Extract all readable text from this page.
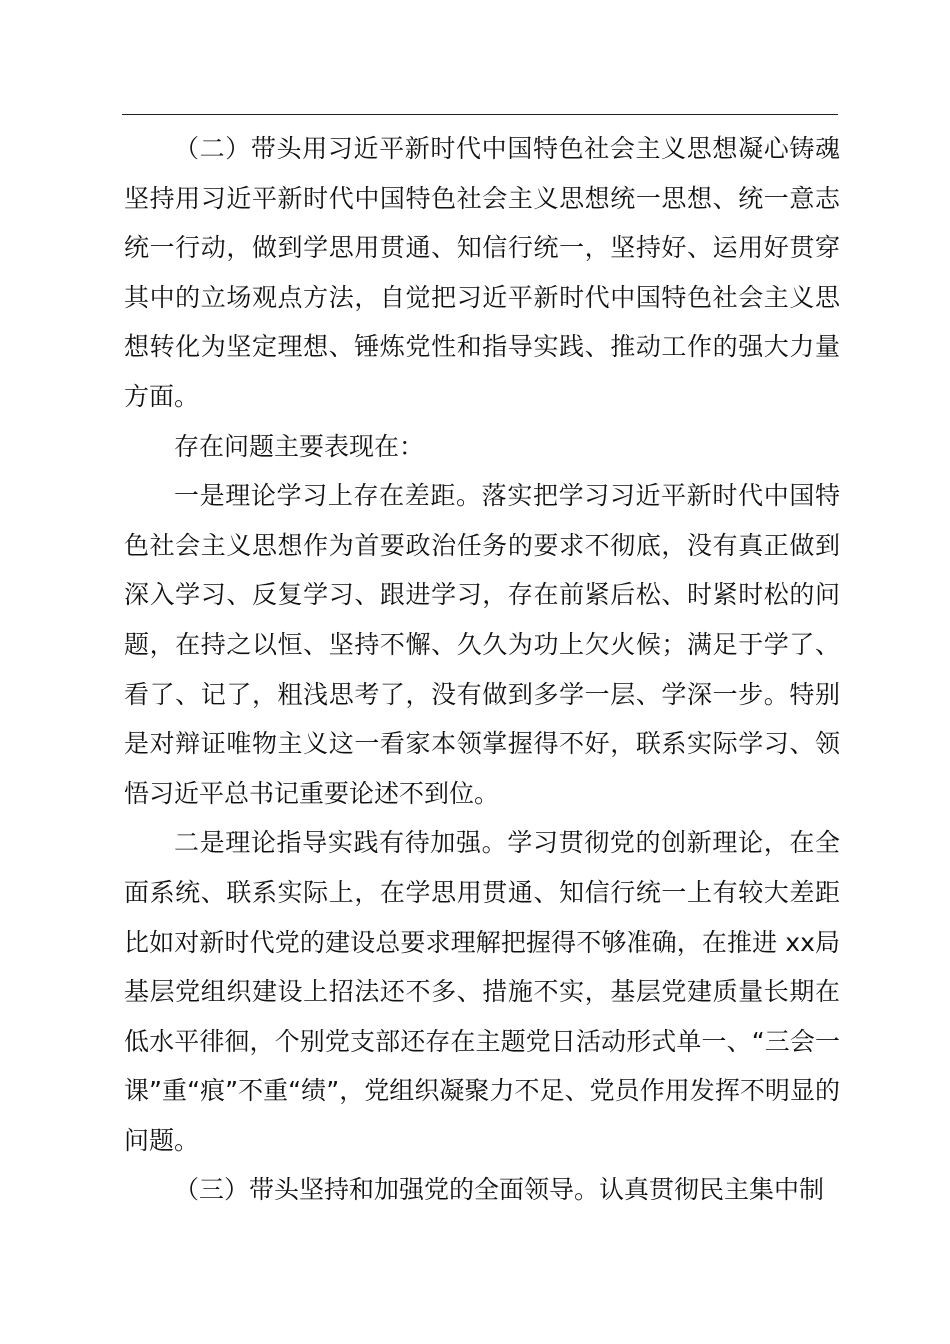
（二）带头用习近平新时代中国特色社会主义思想凝心铸魂坚持用习近平新时代中国特色社会主义思想统一思想、统一意志统一行动，做到学思用贯通、知信行统一，坚持好、运用好贯穿其中的立场观点方法，自觉把习近平新时代中国特色社会主义思想转化为坚定理想、锤炼党性和指导实践、推动工作的强大力量方面。

存在问题主要表现在：

一是理论学习上存在差距。落实把学习习近平新时代中国特色社会主义思想作为首要政治任务的要求不彻底，没有真正做到深入学习、反复学习、跟进学习，存在前紧后松、时紧时松的问题，在持之以恒、坚持不懈、久久为功上欠火候；满足于学了、看了、记了，粗浅思考了，没有做到多学一层、学深一步。特别是对辩证唯物主义这一看家本领掌握得不好，联系实际学习、领悟习近平总书记重要论述不到位。

二是理论指导实践有待加强。学习贯彻党的创新理论，在全面系统、联系实际上，在学思用贯通、知信行统一上有较大差距比如对新时代党的建设总要求理解把握得不够准确，在推进 xx局基层党组织建设上招法还不多、措施不实，基层党建质量长期在低水平徘徊，个别党支部还存在主题党日活动形式单一、“三会一课”重“痕”不重“绩”，党组织凝聚力不足、党员作用发挥不明显的问题。

（三）带头坚持和加强党的全面领导。认真贯彻民主集中制
